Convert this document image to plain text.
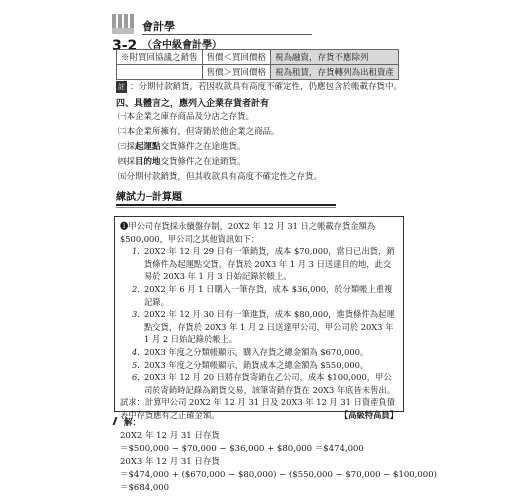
3-2
會計學
（含中級會計學）
※附買回協議之銷售	售價＜買回價格	視為融資，存貨不應除列
	售價＞買回價格	視為租賃，存貨轉列為出租資產
註 ：分期付款銷貨，若因收款具有高度不確定性，仍應包含於帳載存貨中。
四、具體言之，應列入企業存貨者計有
㈠本企業之庫存商品及分店之存貨。
㈡本企業所擁有，但寄銷於他企業之商品。
㈢採起運點交貨條件之在途進貨。
㈣採目的地交貨條件之在途銷貨。
㈤分期付款銷貨，但其收款具有高度不確定性之存貨。
練試力─計算題
❶甲公司存貨採永續盤存制，20X2 年 12 月 31 日之帳載存貨金額為 $500,000，甲公司之其他資訊如下：
1. 20X2 年 12 月 29 日有一筆銷貨，成本 $70,000，當日已出貨，銷貨條件為起運點交貨，存貨於 20X3 年 1 月 3 日送達目的地，此交易於 20X3 年 1 月 3 日始記錄於帳上。
2. 20X2 年 6 月 1 日購入一筆存貨，成本 $36,000，於分類帳上重複記錄。
3. 20X2 年 12 月 30 日有一筆進貨，成本 $80,000，進貨條件為起運點交貨，存貨於 20X3 年 1 月 2 日送達甲公司，甲公司於 20X3 年 1 月 2 日始記錄於帳上。
4. 20X3 年度之分類帳顯示，購入存貨之總金額為 $670,000。
5. 20X3 年度之分類帳顯示，銷貨成本之總金額為 $550,000。
6. 20X3 年 12 月 20 日將存貨寄銷在乙公司，成本 $100,000，甲公司於寄銷時記錄為銷貨交易，該筆寄銷存貨在 20X3 年底皆未售出。
試求：計算甲公司 20X2 年 12 月 31 日及 20X3 年 12 月 31 日資產負債表中存貨應有之正確金額。	【高級特高員】
解：
20X2 年 12 月 31 日存貨
＝$500,000 − $70,000 − $36,000 + $80,000 ＝$474,000
20X3 年 12 月 31 日存貨
＝$474,000 + ($670,000 − $80,000) − ($550,000 − $70,000 − $100,000)
＝$684,000
